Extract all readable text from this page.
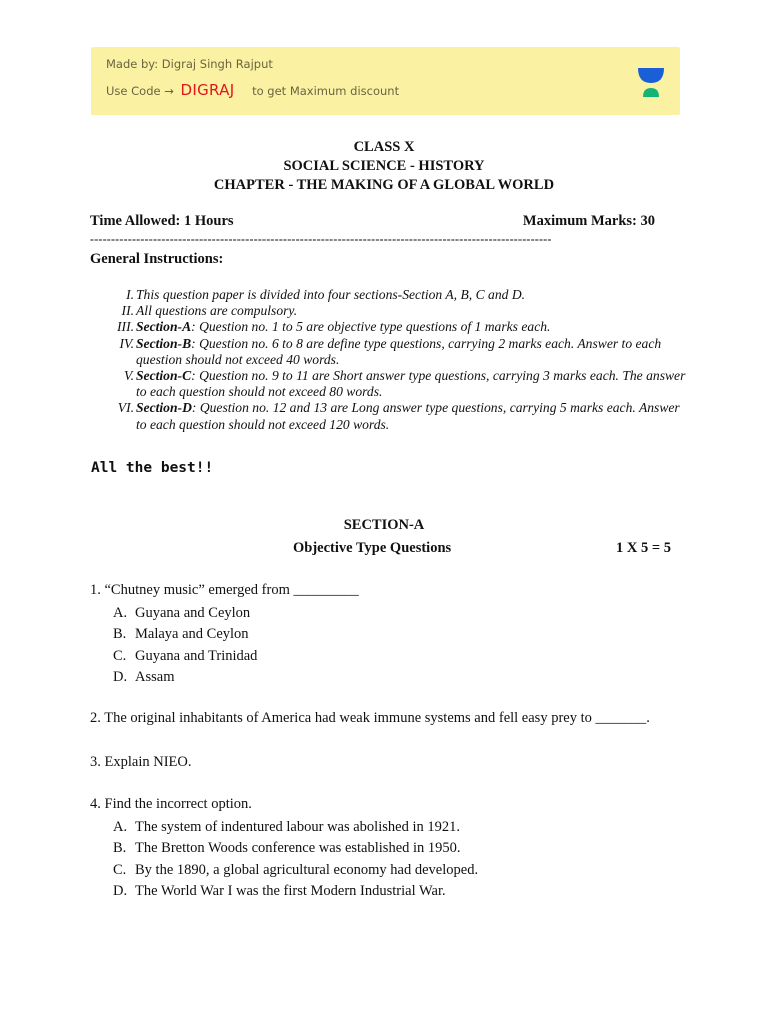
Made by: Digraj Singh Rajput
Use Code → DIGRAJ to get Maximum discount
CLASS X
SOCIAL SCIENCE - HISTORY
CHAPTER - THE MAKING OF A GLOBAL WORLD
Time Allowed: 1 Hours	Maximum Marks: 30
--------------------------------------------------------------------------------------------------------------
General Instructions:
I. This question paper is divided into four sections-Section A, B, C and D.
II. All questions are compulsory.
III. Section-A: Question no. 1 to 5 are objective type questions of 1 marks each.
IV. Section-B: Question no. 6 to 8 are define type questions, carrying 2 marks each. Answer to each question should not exceed 40 words.
V. Section-C: Question no. 9 to 11 are Short answer type questions, carrying 3 marks each. The answer to each question should not exceed 80 words.
VI. Section-D: Question no. 12 and 13 are Long answer type questions, carrying 5 marks each. Answer to each question should not exceed 120 words.
All the best!!
SECTION-A
Objective Type Questions	1 X 5 = 5
1. “Chutney music” emerged from _________
A. Guyana and Ceylon
B. Malaya and Ceylon
C. Guyana and Trinidad
D. Assam
2. The original inhabitants of America had weak immune systems and fell easy prey to _______.
3. Explain NIEO.
4. Find the incorrect option.
A. The system of indentured labour was abolished in 1921.
B. The Bretton Woods conference was established in 1950.
C. By the 1890, a global agricultural economy had developed.
D. The World War I was the first Modern Industrial War.
